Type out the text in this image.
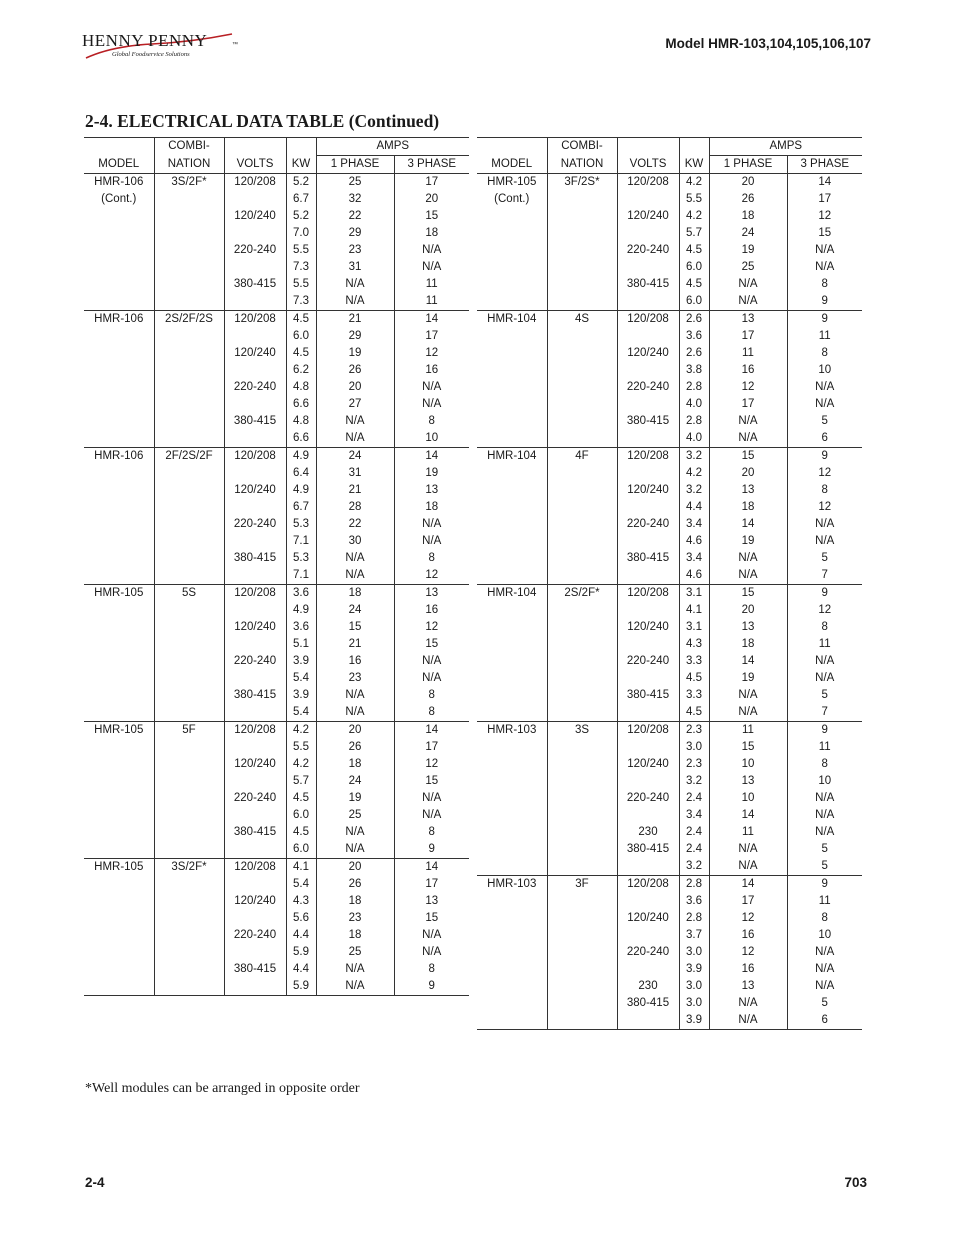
HENNY PENNY	™
Global Foodservice Solutions
Model HMR-103,104,105,106,107
2-4. ELECTRICAL DATA TABLE (Continued)
	COMBI-			AMPS	
MODEL	NATION	VOLTS	KW	1 PHASE	3 PHASE
HMR-106	3S/2F*	120/208	5.2	25	17
(Cont.)			6.7	32	20
		120/240	5.2	22	15
			7.0	29	18
		220-240	5.5	23	N/A
			7.3	31	N/A
		380-415	5.5	N/A	11
			7.3	N/A	11
HMR-106	2S/2F/2S	120/208	4.5	21	14
			6.0	29	17
		120/240	4.5	19	12
			6.2	26	16
		220-240	4.8	20	N/A
			6.6	27	N/A
		380-415	4.8	N/A	8
			6.6	N/A	10
HMR-106	2F/2S/2F	120/208	4.9	24	14
			6.4	31	19
		120/240	4.9	21	13
			6.7	28	18
		220-240	5.3	22	N/A
			7.1	30	N/A
		380-415	5.3	N/A	8
			7.1	N/A	12
HMR-105	5S	120/208	3.6	18	13
			4.9	24	16
		120/240	3.6	15	12
			5.1	21	15
		220-240	3.9	16	N/A
			5.4	23	N/A
		380-415	3.9	N/A	8
			5.4	N/A	8
HMR-105	5F	120/208	4.2	20	14
			5.5	26	17
		120/240	4.2	18	12
			5.7	24	15
		220-240	4.5	19	N/A
			6.0	25	N/A
		380-415	4.5	N/A	8
			6.0	N/A	9
HMR-105	3S/2F*	120/208	4.1	20	14
			5.4	26	17
		120/240	4.3	18	13
			5.6	23	15
		220-240	4.4	18	N/A
			5.9	25	N/A
		380-415	4.4	N/A	8
			5.9	N/A	9
	COMBI-			AMPS	
MODEL	NATION	VOLTS	KW	1 PHASE	3 PHASE
HMR-105	3F/2S*	120/208	4.2	20	14
(Cont.)			5.5	26	17
		120/240	4.2	18	12
			5.7	24	15
		220-240	4.5	19	N/A
			6.0	25	N/A
		380-415	4.5	N/A	8
			6.0	N/A	9
HMR-104	4S	120/208	2.6	13	9
			3.6	17	11
		120/240	2.6	11	8
			3.8	16	10
		220-240	2.8	12	N/A
			4.0	17	N/A
		380-415	2.8	N/A	5
			4.0	N/A	6
HMR-104	4F	120/208	3.2	15	9
			4.2	20	12
		120/240	3.2	13	8
			4.4	18	12
		220-240	3.4	14	N/A
			4.6	19	N/A
		380-415	3.4	N/A	5
			4.6	N/A	7
HMR-104	2S/2F*	120/208	3.1	15	9
			4.1	20	12
		120/240	3.1	13	8
			4.3	18	11
		220-240	3.3	14	N/A
			4.5	19	N/A
		380-415	3.3	N/A	5
			4.5	N/A	7
HMR-103	3S	120/208	2.3	11	9
			3.0	15	11
		120/240	2.3	10	8
			3.2	13	10
		220-240	2.4	10	N/A
			3.4	14	N/A
		230	2.4	11	N/A
		380-415	2.4	N/A	5
			3.2	N/A	5
HMR-103	3F	120/208	2.8	14	9
			3.6	17	11
		120/240	2.8	12	8
			3.7	16	10
		220-240	3.0	12	N/A
			3.9	16	N/A
		230	3.0	13	N/A
		380-415	3.0	N/A	5
			3.9	N/A	6
*Well modules can be arranged in opposite order
2-4	703
